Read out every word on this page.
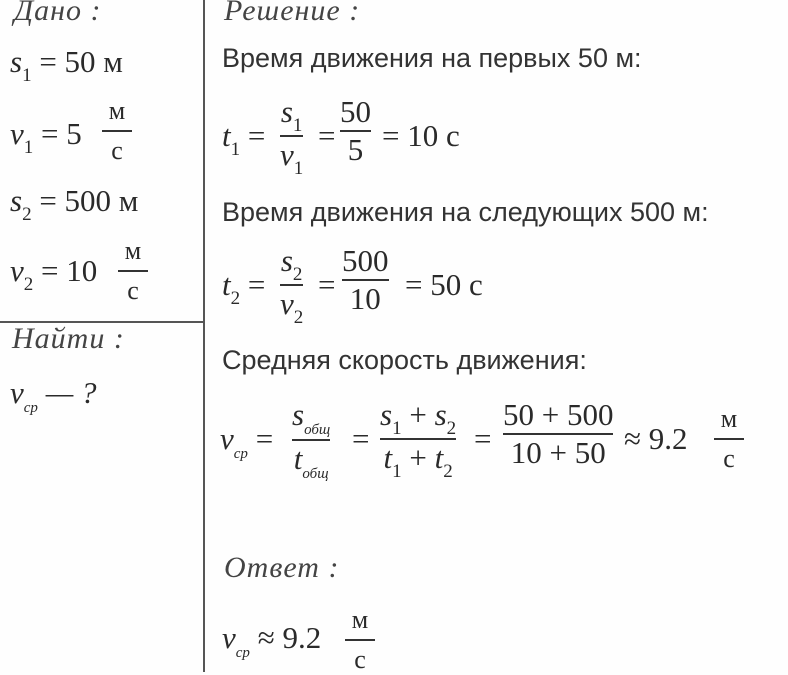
Дано :
$s_1 = 50$ м
$v_1 = 5$
м
с
$s_2 = 500$ м
$v_2 = 10$
м
с
Найти :
$v_{ср}$ — ?
Решение :
Время движения на первых 50 м:
$t_1$ =
$s_1$
$v_1$
=
50
5 = 10 с
Время движения на следующих 500 м:
$t_2$ =
$s_2$
$v_2$
=
500
10 = 50 с
Средняя скорость движения:
$v_{ср}$ =
$s_{общ}$
$t_{общ}$
=
$s_1 + s_2$
$t_1 + t_2$
=
50 + 500
10 + 50 ≈ 9.2
м
с
Ответ :
$v_{ср} \approx 9.2$
м
с
